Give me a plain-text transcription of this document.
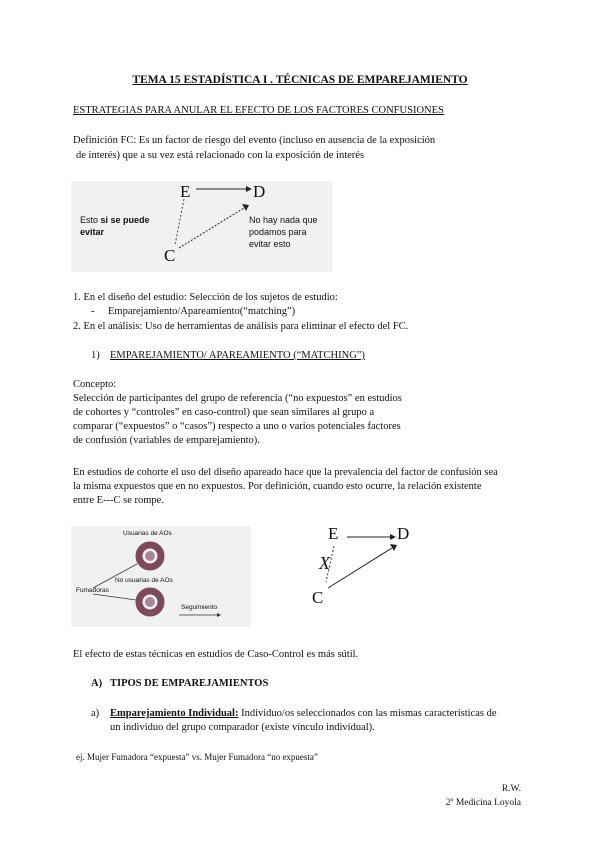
TEMA 15 ESTADÍSTICA I . TÉCNICAS DE EMPAREJAMIENTO
ESTRATEGIAS PARA ANULAR EL EFECTO DE LOS FACTORES CONFUSIONES
Definición FC: Es un factor de riesgo del evento (incluso en ausencia de la exposición
de interés) que a su vez está relacionado con la exposición de interés
E	D
C
Esto si se puede
evitar
No hay nada que
podamos para
evitar esto
1. En el diseño del estudio: Selección de los sujetos de estudio:
- Emparejamiento/Apareamiento(“matching”)
2. En el análisis: Uso de herramientas de análisis para eliminar el efecto del FC.
1) EMPAREJAMIENTO/ APAREAMIENTO (“MATCHING”)
Concepto:
Selección de participantes del grupo de referencia (“no expuestos” en estudios
de cohortes y “controles” en caso-control) que sean similares al grupo a
comparar (“expuestos” o “casos”) respecto a uno o varios potenciales factores
de confusión (variables de emparejamiento).
En estudios de cohorte el uso del diseño apareado hace que la prevalencia del factor de confusión sea
la misma expuestos que en no expuestos. Por definición, cuando esto ocurre, la relación existente
entre E---C se rompe.
Usuarias de AOs
No usuarias de AOs
Fumadoras
Seguimiento
E	D
C
X
El efecto de estas técnicas en estudios de Caso-Control es más sútil.
A) TIPOS DE EMPAREJAMIENTOS
a) Emparejamiento Individual: Individuo/os seleccionados con las mismas características de
un individuo del grupo comparador (existe vínculo individual).
ej. Mujer Fumadora “expuesta” vs. Mujer Fumadora “no expuesta”
R.W.
2º Medicina Loyola
